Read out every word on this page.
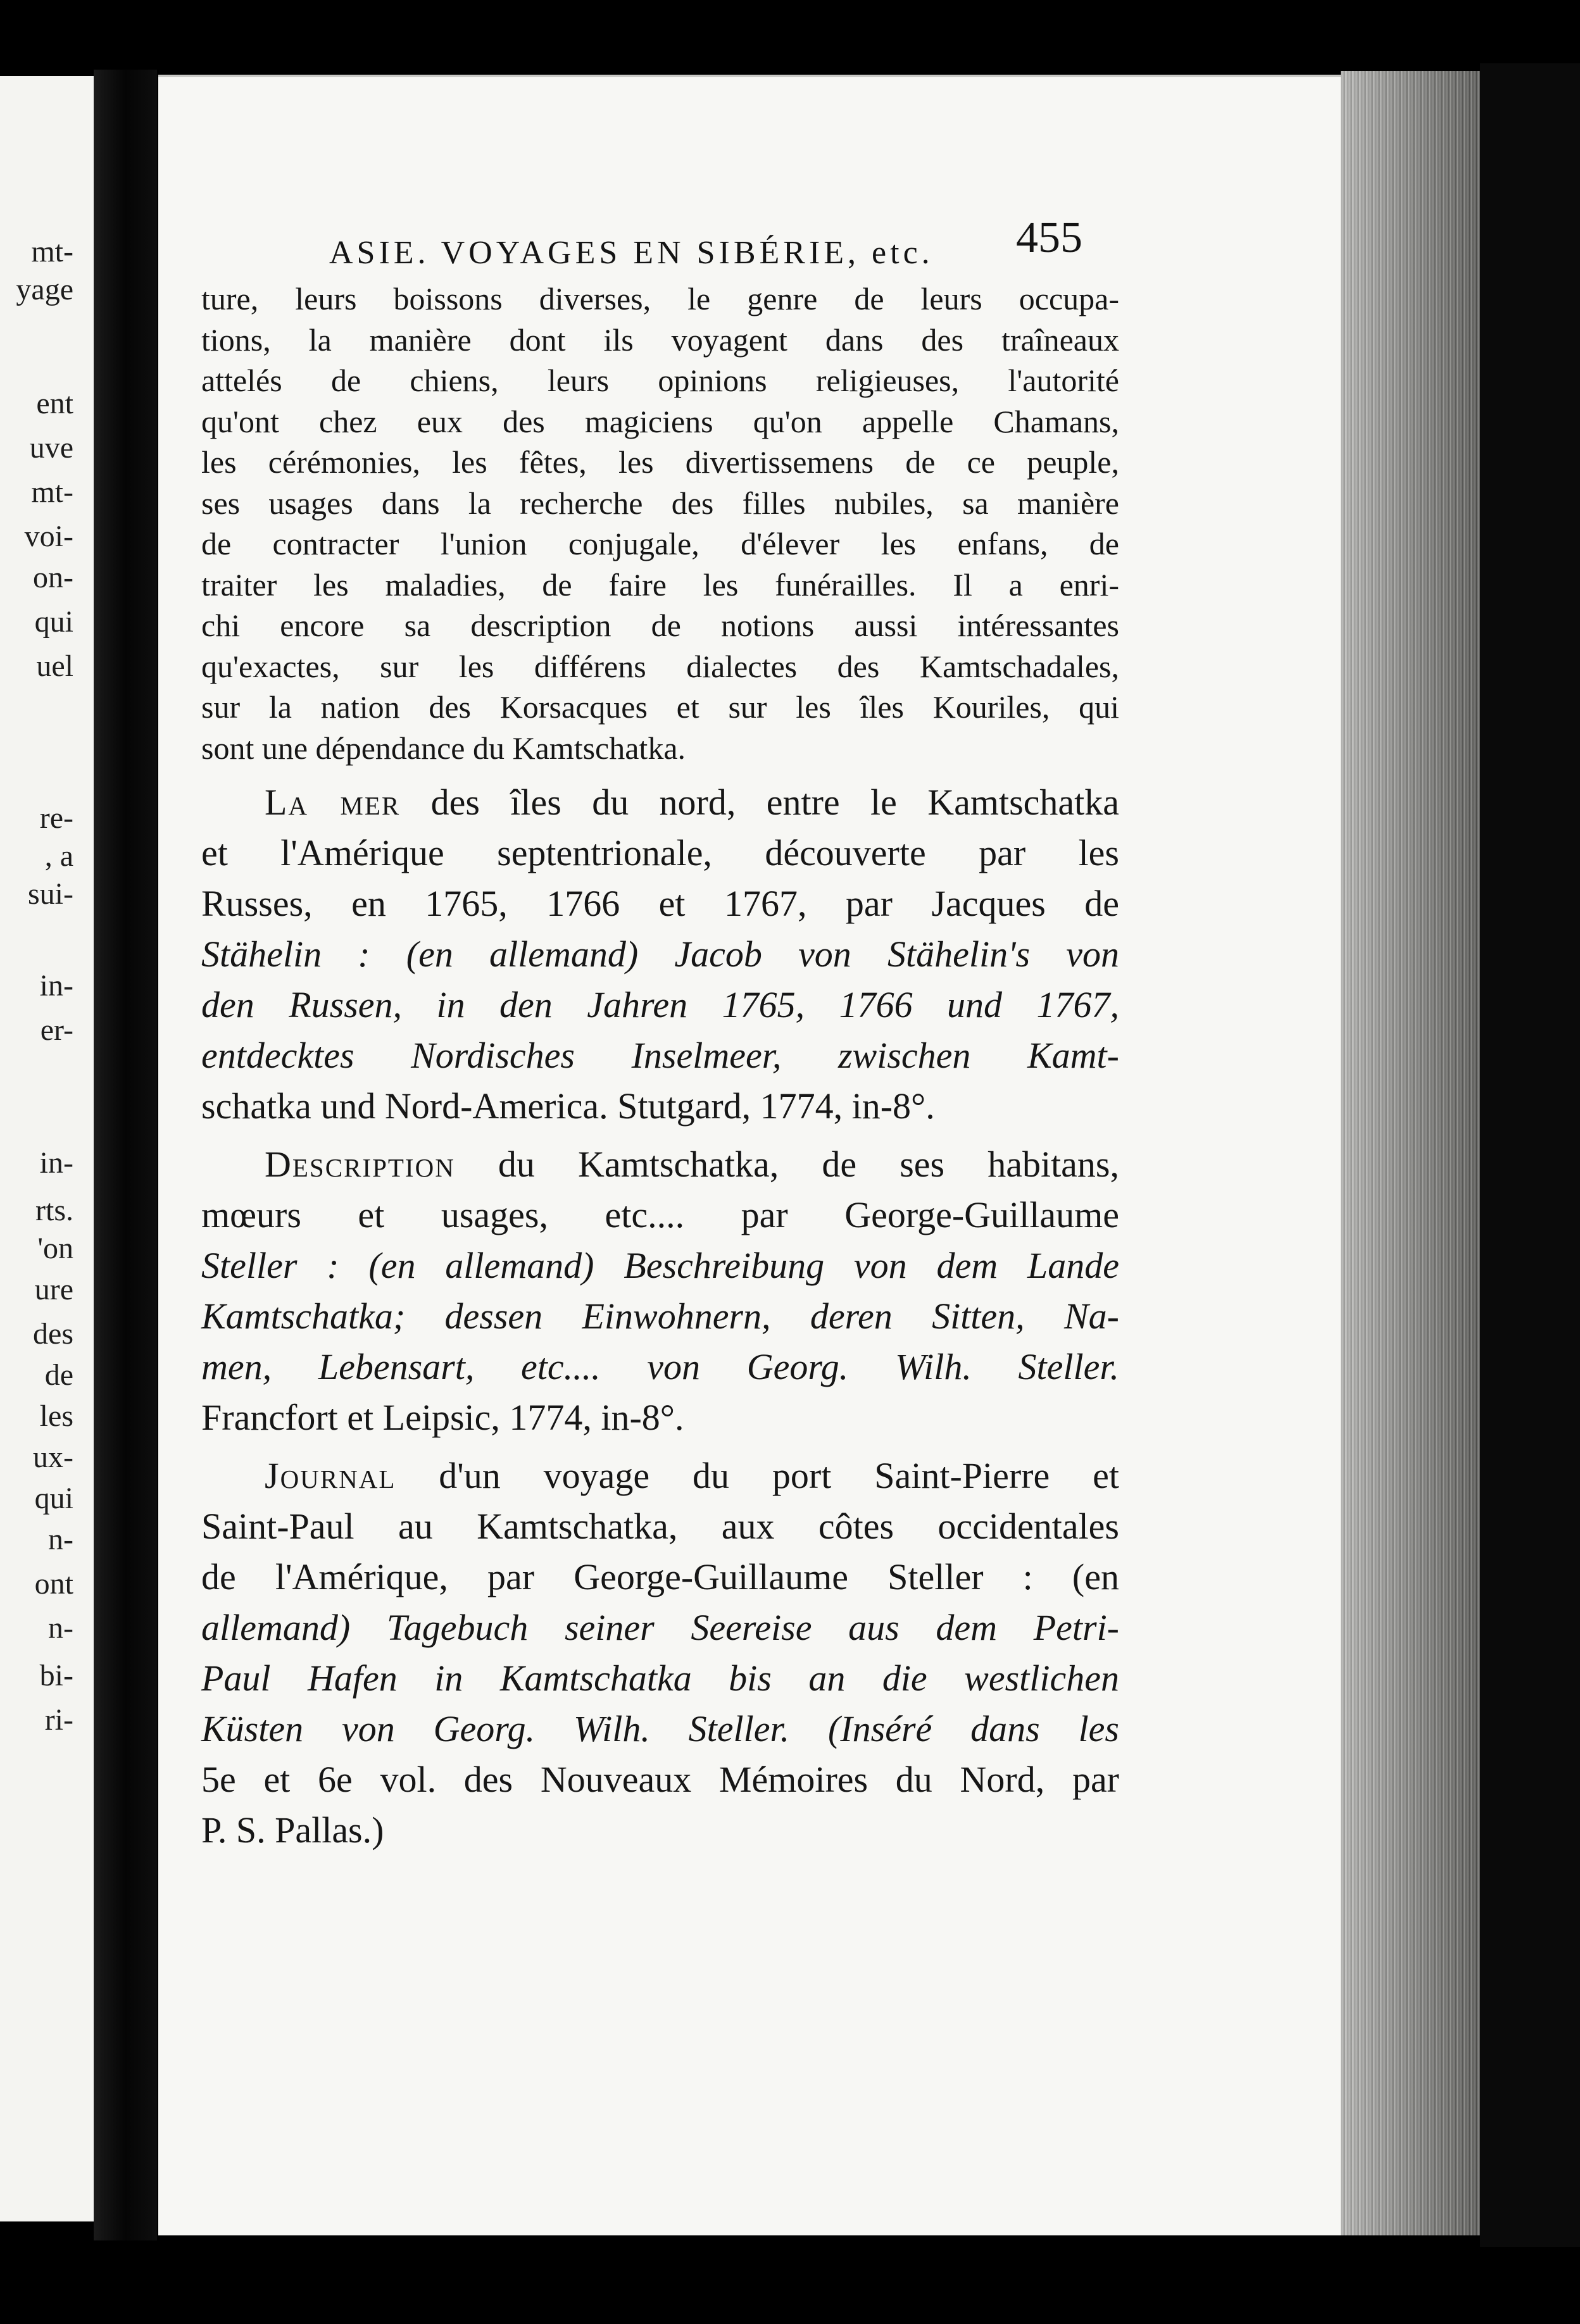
mt-
yage
ent
uve
mt-
voi-
on-
qui
uel
re-
, a
sui-
in-
er-
in-
rts.
'on
ure
des
de
les
ux-
qui
n-
ont
n-
bi-
ri-
ASIE. VOYAGES EN SIBÉRIE, etc.	455
ture, leurs boissons diverses, le genre de leurs occupa-
tions, la manière dont ils voyagent dans des traîneaux
attelés de chiens, leurs opinions religieuses, l'autorité
qu'ont chez eux des magiciens qu'on appelle Chamans,
les cérémonies, les fêtes, les divertissemens de ce peuple,
ses usages dans la recherche des filles nubiles, sa manière
de contracter l'union conjugale, d'élever les enfans, de
traiter les maladies, de faire les funérailles. Il a enri-
chi encore sa description de notions aussi intéressantes
qu'exactes, sur les différens dialectes des Kamtschadales,
sur la nation des Korsacques et sur les îles Kouriles, qui
sont une dépendance du Kamtschatka.
La mer des îles du nord, entre le Kamtschatka
et l'Amérique septentrionale, découverte par les
Russes, en 1765, 1766 et 1767, par Jacques de
Stähelin : (en allemand) Jacob von Stähelin's von
den Russen, in den Jahren 1765, 1766 und 1767,
entdecktes Nordisches Inselmeer, zwischen Kamt-
schatka und Nord-America. Stutgard, 1774, in-8°.
Description du Kamtschatka, de ses habitans,
mœurs et usages, etc.... par George-Guillaume
Steller : (en allemand) Beschreibung von dem Lande
Kamtschatka; dessen Einwohnern, deren Sitten, Na-
men, Lebensart, etc.... von Georg. Wilh. Steller.
Francfort et Leipsic, 1774, in-8°.
Journal d'un voyage du port Saint-Pierre et
Saint-Paul au Kamtschatka, aux côtes occidentales
de l'Amérique, par George-Guillaume Steller : (en
allemand) Tagebuch seiner Seereise aus dem Petri-
Paul Hafen in Kamtschatka bis an die westlichen
Küsten von Georg. Wilh. Steller. (Inséré dans les
5e et 6e vol. des Nouveaux Mémoires du Nord, par
P. S. Pallas.)
